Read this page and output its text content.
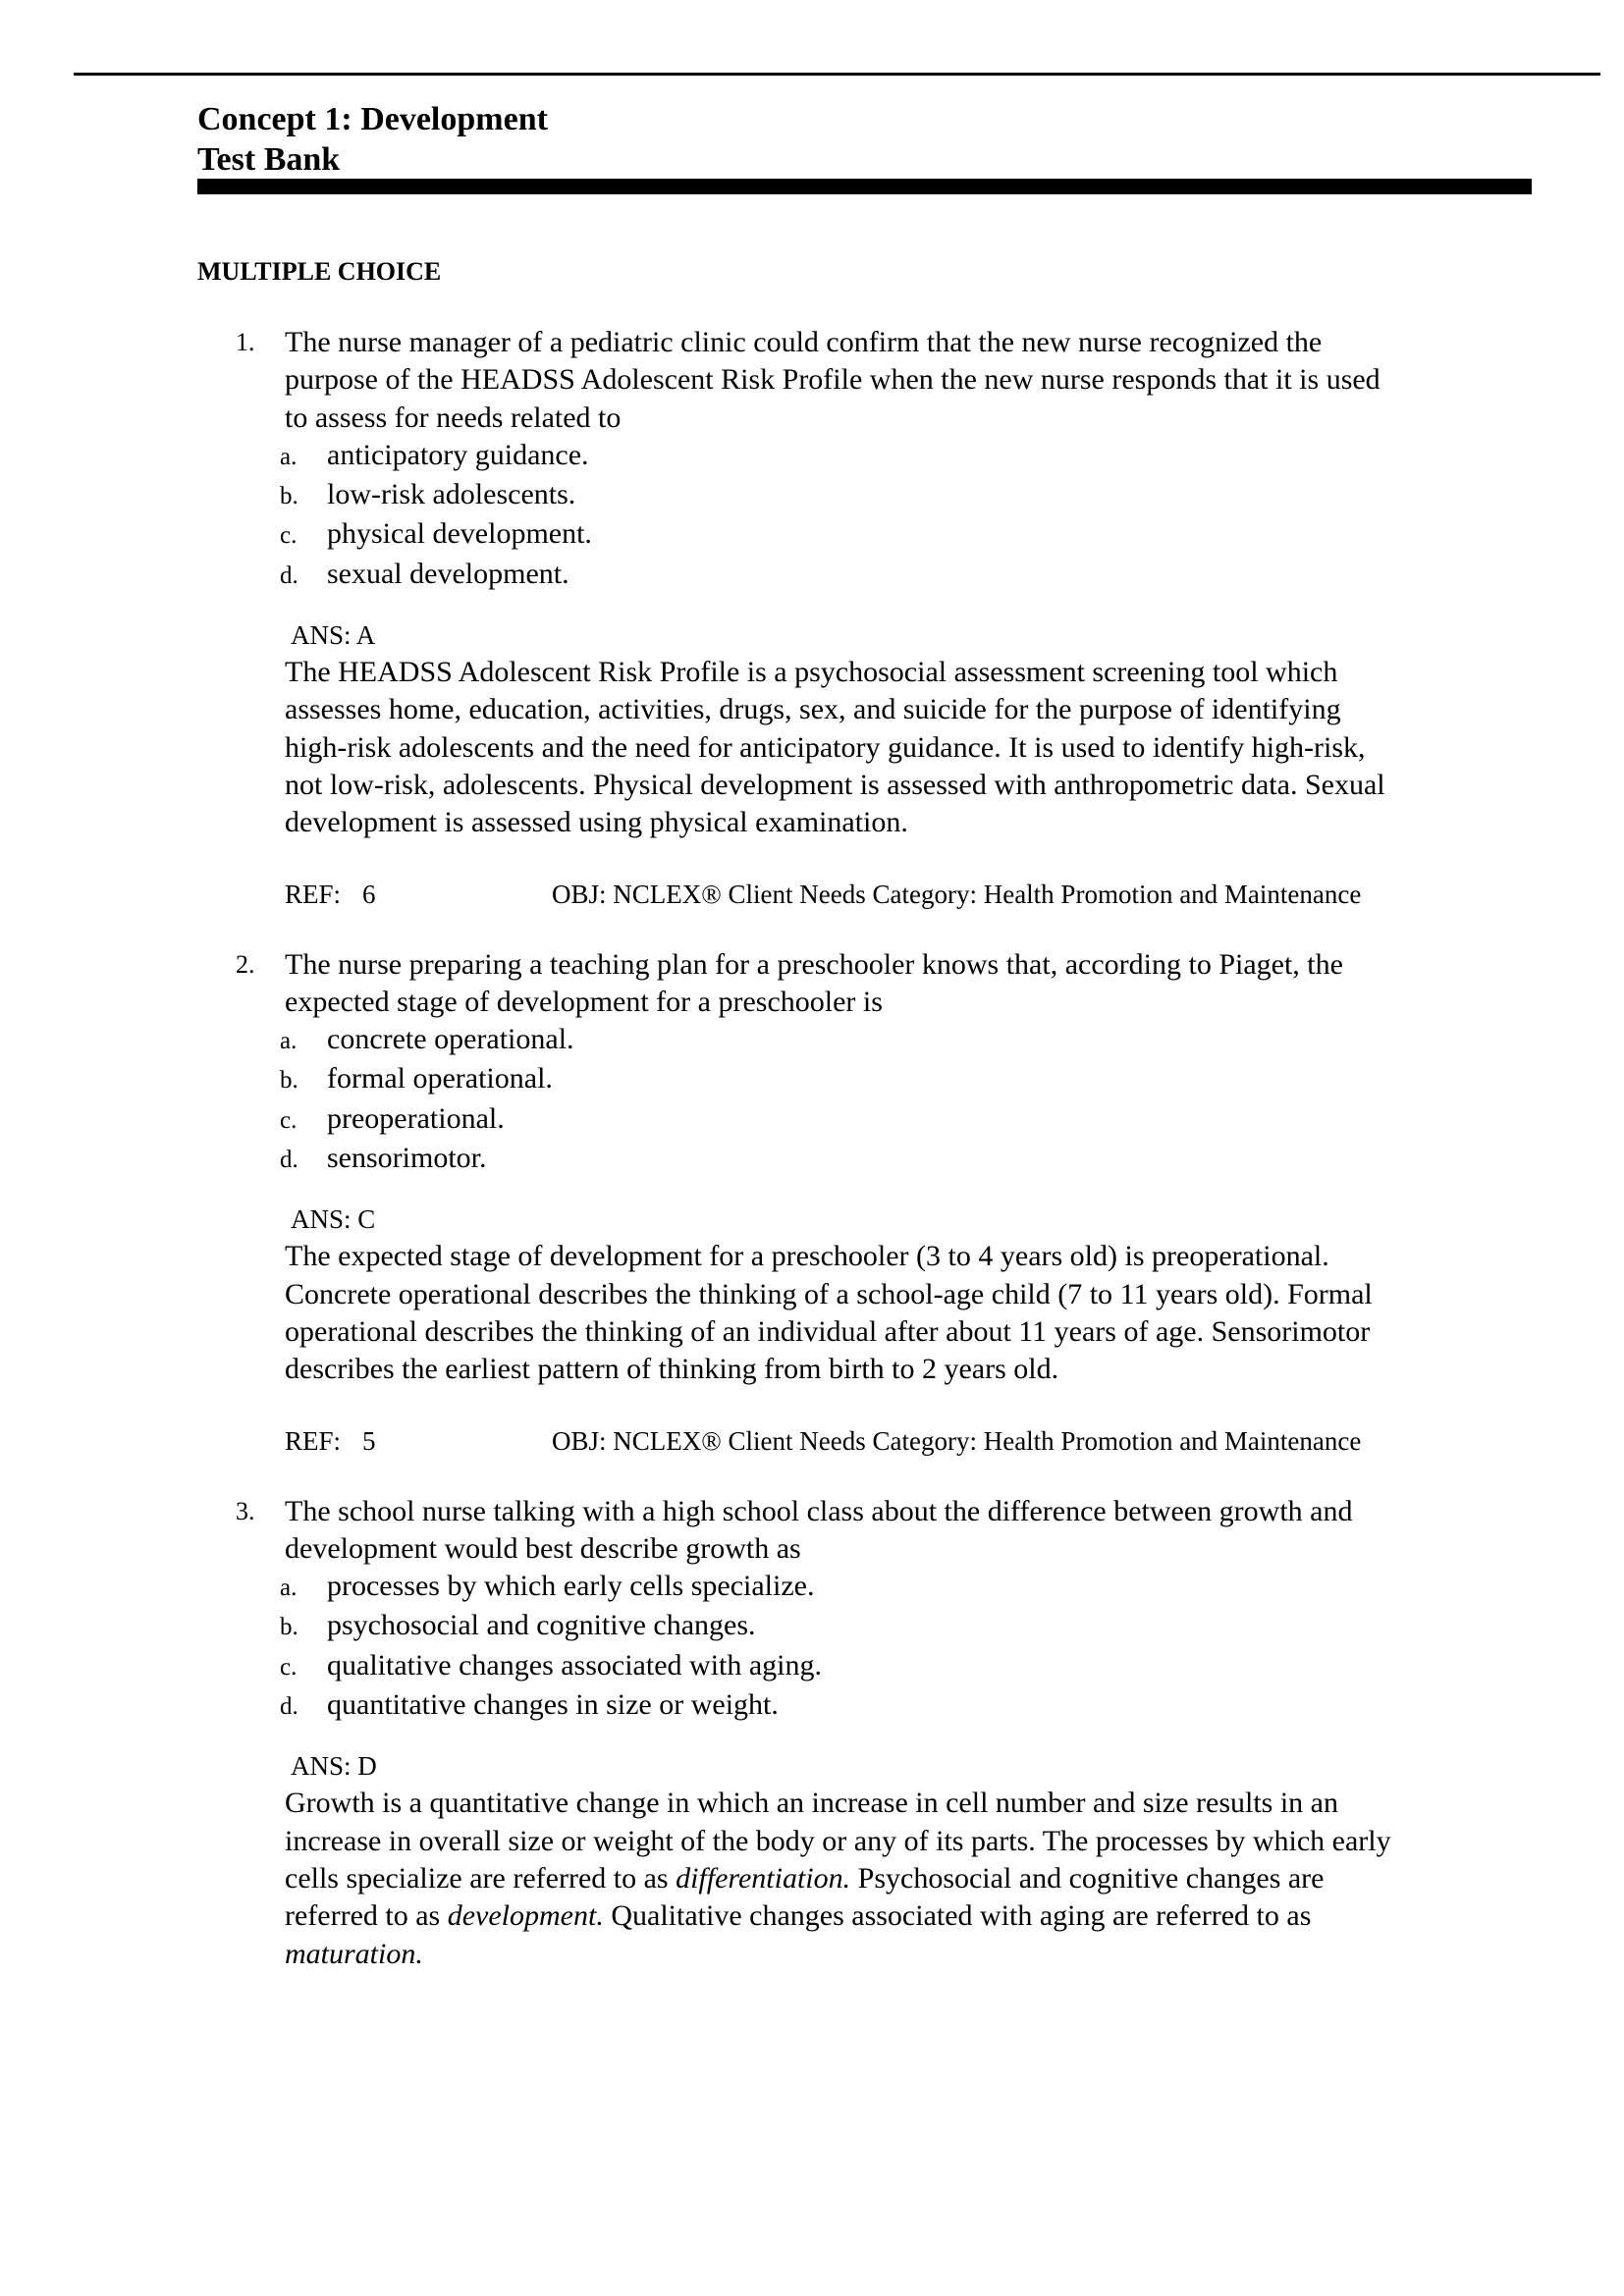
Concept 1: Development
Test Bank
MULTIPLE CHOICE
1. The nurse manager of a pediatric clinic could confirm that the new nurse recognized the
purpose of the HEADSS Adolescent Risk Profile when the new nurse responds that it is used
to assess for needs related to
a. anticipatory guidance.
b. low-risk adolescents.
c. physical development.
d. sexual development.
ANS: A
The HEADSS Adolescent Risk Profile is a psychosocial assessment screening tool which
assesses home, education, activities, drugs, sex, and suicide for the purpose of identifying
high-risk adolescents and the need for anticipatory guidance. It is used to identify high-risk,
not low-risk, adolescents. Physical development is assessed with anthropometric data. Sexual
development is assessed using physical examination.
REF: 6	OBJ: NCLEX® Client Needs Category: Health Promotion and Maintenance
2. The nurse preparing a teaching plan for a preschooler knows that, according to Piaget, the
expected stage of development for a preschooler is
a. concrete operational.
b. formal operational.
c. preoperational.
d. sensorimotor.
ANS: C
The expected stage of development for a preschooler (3 to 4 years old) is preoperational.
Concrete operational describes the thinking of a school-age child (7 to 11 years old). Formal
operational describes the thinking of an individual after about 11 years of age. Sensorimotor
describes the earliest pattern of thinking from birth to 2 years old.
REF: 5	OBJ: NCLEX® Client Needs Category: Health Promotion and Maintenance
3. The school nurse talking with a high school class about the difference between growth and
development would best describe growth as
a. processes by which early cells specialize.
b. psychosocial and cognitive changes.
c. qualitative changes associated with aging.
d. quantitative changes in size or weight.
ANS: D
Growth is a quantitative change in which an increase in cell number and size results in an
increase in overall size or weight of the body or any of its parts. The processes by which early
cells specialize are referred to as differentiation. Psychosocial and cognitive changes are
referred to as development. Qualitative changes associated with aging are referred to as
maturation.
